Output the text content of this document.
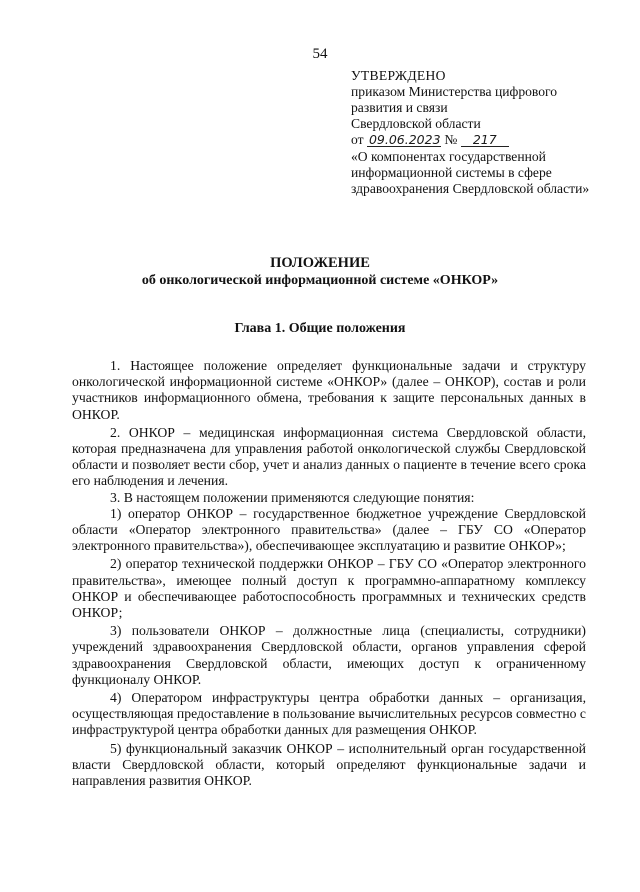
54
УТВЕРЖДЕНО
приказом Министерства цифрового
развития и связи
Свердловской области
от 09.06.2023 № 217
«О компонентах государственной информационной системы в сфере здравоохранения Свердловской области»
ПОЛОЖЕНИЕ
об онкологической информационной системе «ОНКОР»
Глава 1. Общие положения

1. Настоящее положение определяет функциональные задачи и структуру онкологической информационной системе «ОНКОР» (далее – ОНКОР), состав и роли участников информационного обмена, требования к защите персональных данных в ОНКОР.

2. ОНКОР – медицинская информационная система Свердловской области, которая предназначена для управления работой онкологической службы Свердловской области и позволяет вести сбор, учет и анализ данных о пациенте в течение всего срока его наблюдения и лечения.

3. В настоящем положении применяются следующие понятия:

1) оператор ОНКОР – государственное бюджетное учреждение Свердловской области «Оператор электронного правительства» (далее – ГБУ СО «Оператор электронного правительства»), обеспечивающее эксплуатацию и развитие ОНКОР»;

2) оператор технической поддержки ОНКОР – ГБУ СО «Оператор электронного правительства», имеющее полный доступ к программно-аппаратному комплексу ОНКОР и обеспечивающее работоспособность программных и технических средств ОНКОР;

3) пользователи ОНКОР – должностные лица (специалисты, сотрудники) учреждений здравоохранения Свердловской области, органов управления сферой здравоохранения Свердловской области, имеющих доступ к ограниченному функционалу ОНКОР.

4) Оператором инфраструктуры центра обработки данных – организация, осуществляющая предоставление в пользование вычислительных ресурсов совместно с инфраструктурой центра обработки данных для размещения ОНКОР.

5) функциональный заказчик ОНКОР – исполнительный орган государственной власти Свердловской области, который определяют функциональные задачи и направления развития ОНКОР.
